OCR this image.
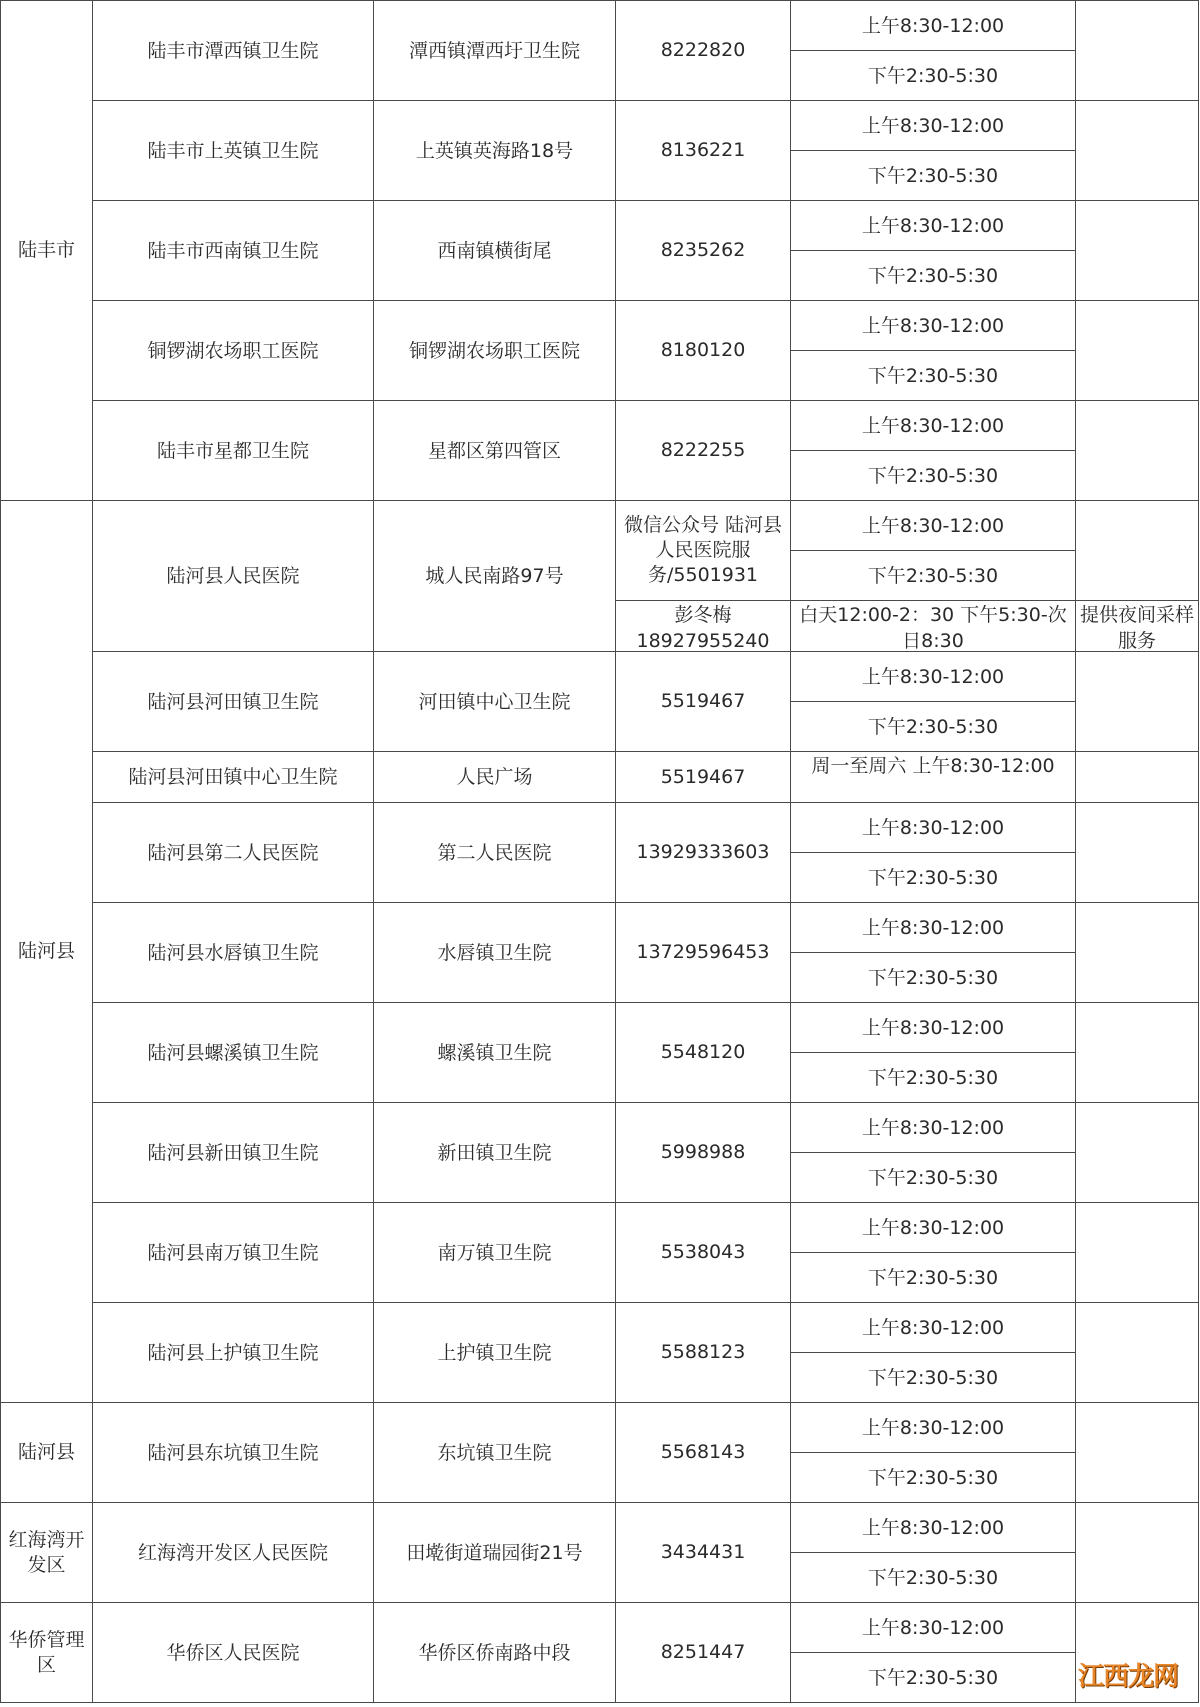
陆丰市	陆丰市潭西镇卫生院	潭西镇潭西圩卫生院	8222820	上午8:30-12:00	
				下午2:30-5:30	
	陆丰市上英镇卫生院	上英镇英海路18号	8136221	上午8:30-12:00	
				下午2:30-5:30	
	陆丰市西南镇卫生院	西南镇横街尾	8235262	上午8:30-12:00	
				下午2:30-5:30	
	铜锣湖农场职工医院	铜锣湖农场职工医院	8180120	上午8:30-12:00	
				下午2:30-5:30	
	陆丰市星都卫生院	星都区第四管区	8222255	上午8:30-12:00	
				下午2:30-5:30	
陆河县	陆河县人民医院	城人民南路97号	微信公众号 陆河县人民医院服务/5501931	上午8:30-12:00	
				下午2:30-5:30	

			彭冬梅 18927955240	白天12:00-2：30 下午5:30-次日8:30	提供夜间采样服务

	陆河县河田镇卫生院	河田镇中心卫生院	5519467	上午8:30-12:00	
				下午2:30-5:30	
	陆河县河田镇中心卫生院	人民广场	5519467	周一至周六 上午8:30-12:00	

	陆河县第二人民医院	第二人民医院	13929333603	上午8:30-12:00	
				下午2:30-5:30	
	陆河县水唇镇卫生院	水唇镇卫生院	13729596453	上午8:30-12:00	
				下午2:30-5:30	
	陆河县螺溪镇卫生院	螺溪镇卫生院	5548120	上午8:30-12:00	
				下午2:30-5:30	
	陆河县新田镇卫生院	新田镇卫生院	5998988	上午8:30-12:00	
				下午2:30-5:30	
	陆河县南万镇卫生院	南万镇卫生院	5538043	上午8:30-12:00	
				下午2:30-5:30	
	陆河县上护镇卫生院	上护镇卫生院	5588123	上午8:30-12:00	
				下午2:30-5:30	
陆河县	陆河县东坑镇卫生院	东坑镇卫生院	5568143	上午8:30-12:00	
				下午2:30-5:30	
红海湾开发区	红海湾开发区人民医院	田墘街道瑞园街21号	3434431	上午8:30-12:00	
				下午2:30-5:30	
华侨管理区	华侨区人民医院	华侨区侨南路中段	8251447	上午8:30-12:00	
				下午2:30-5:30		江西龙网
